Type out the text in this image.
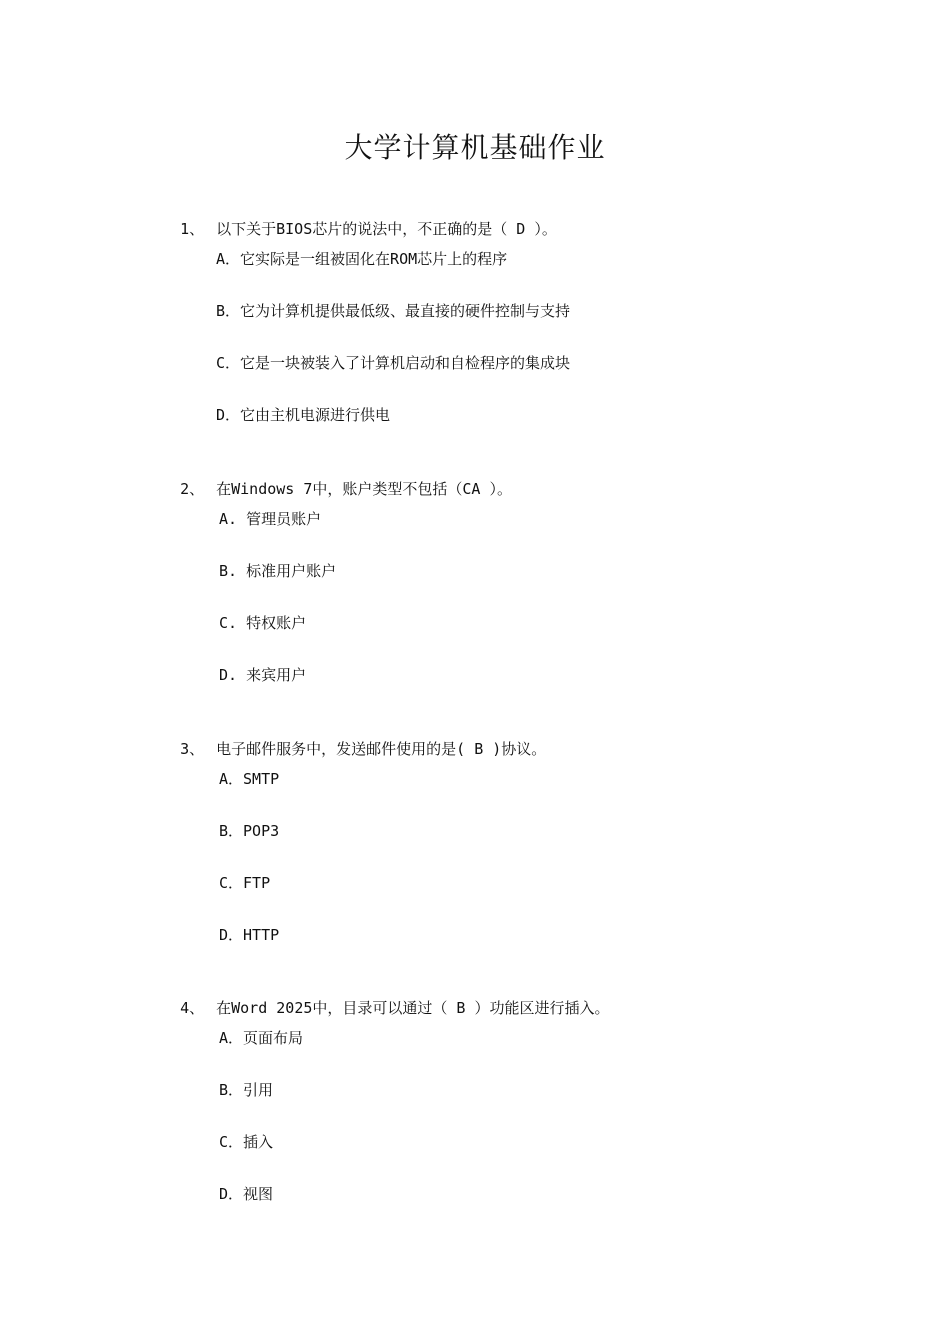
大学计算机基础作业

1、 以下关于BIOS芯片的说法中，不正确的是（ D ）。

A．它实际是一组被固化在ROM芯片上的程序
B．它为计算机提供最低级、最直接的硬件控制与支持
C．它是一块被装入了计算机启动和自检程序的集成块
D．它由主机电源进行供电

2、 在Windows 7中，账户类型不包括（CA ）。

A. 管理员账户
B. 标准用户账户
C. 特权账户
D. 来宾用户

3、 电子邮件服务中，发送邮件使用的是( B )协议。

A．SMTP
B．POP3
C．FTP
D．HTTP

4、 在Word 2025中，目录可以通过（ B ）功能区进行插入。

A．页面布局
B．引用
C．插入
D．视图
